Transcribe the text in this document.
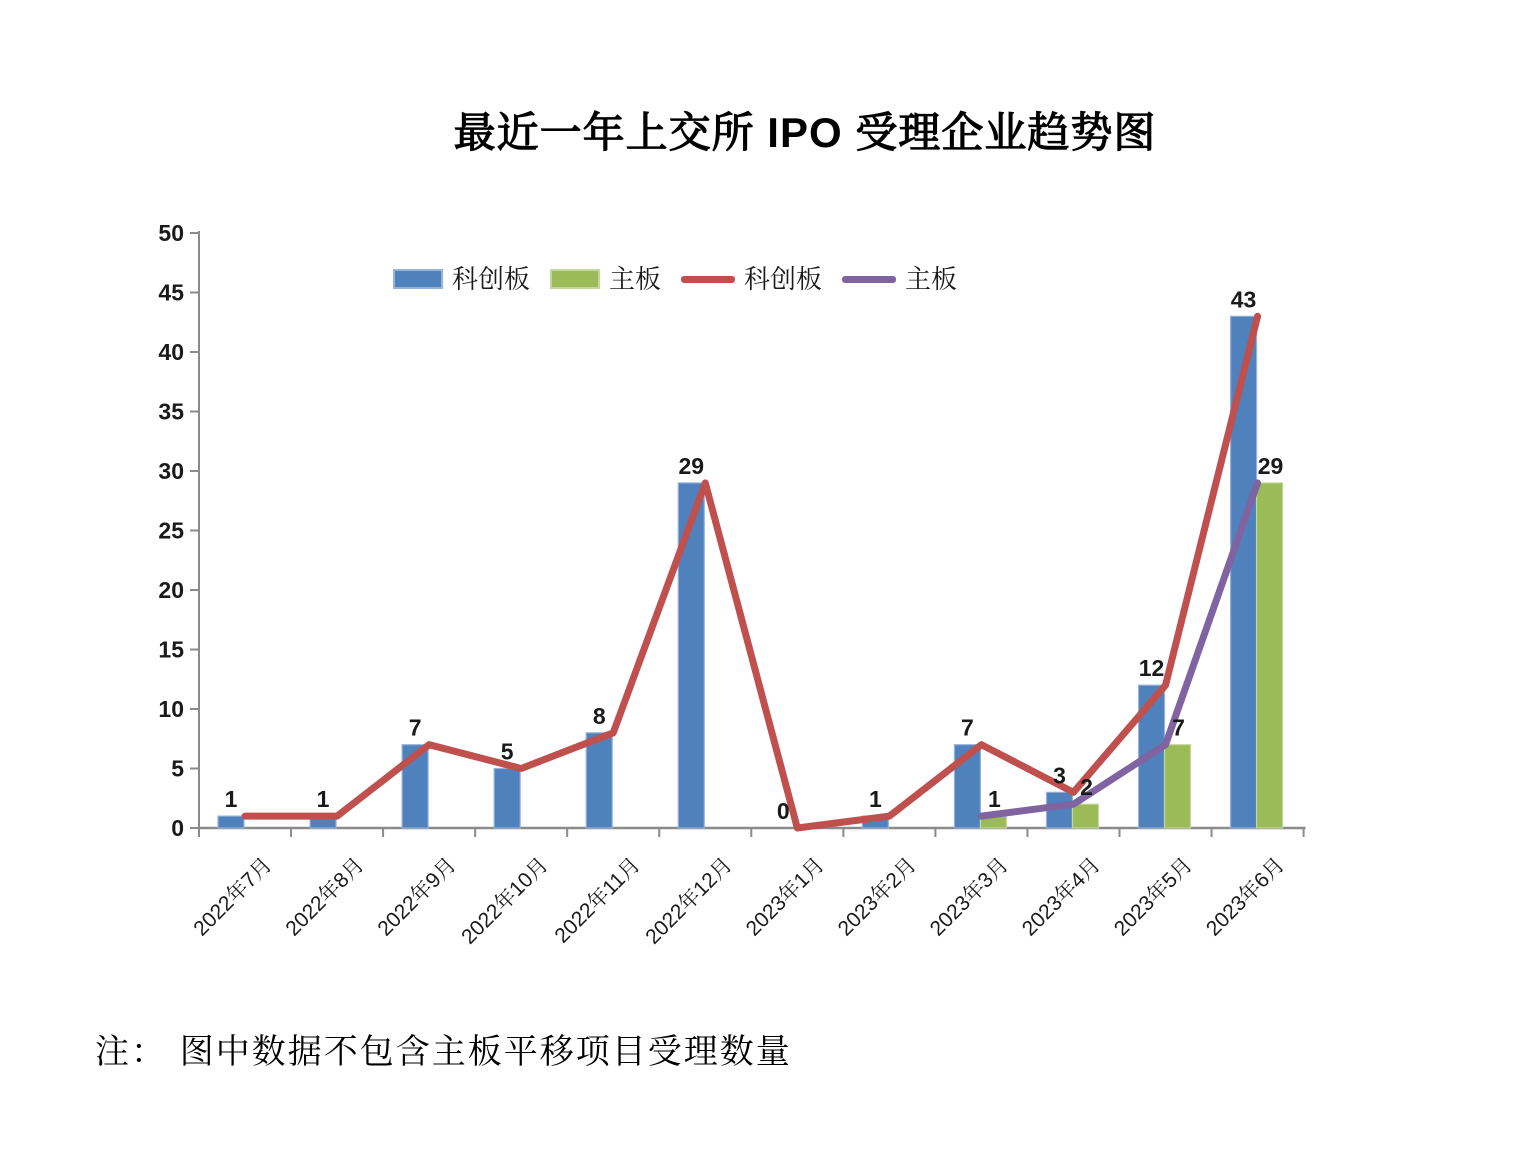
最近一年上交所 IPO 受理企业趋势图
科创板	主板	科创板	主板
50
45
40
35
30
25
20
15
10
5
0
2022年7月 2022年8月 2022年9月
2022年10月
2022年11月
2022年12月 2023年1月 2023年2月 2023年3月 2023年4月 2023年5月 2023年6月
1	1
7
5
8
29
0	1
7
3
12
43
1	2
7
29
注： 图中数据不包含主板平移项目受理数量
